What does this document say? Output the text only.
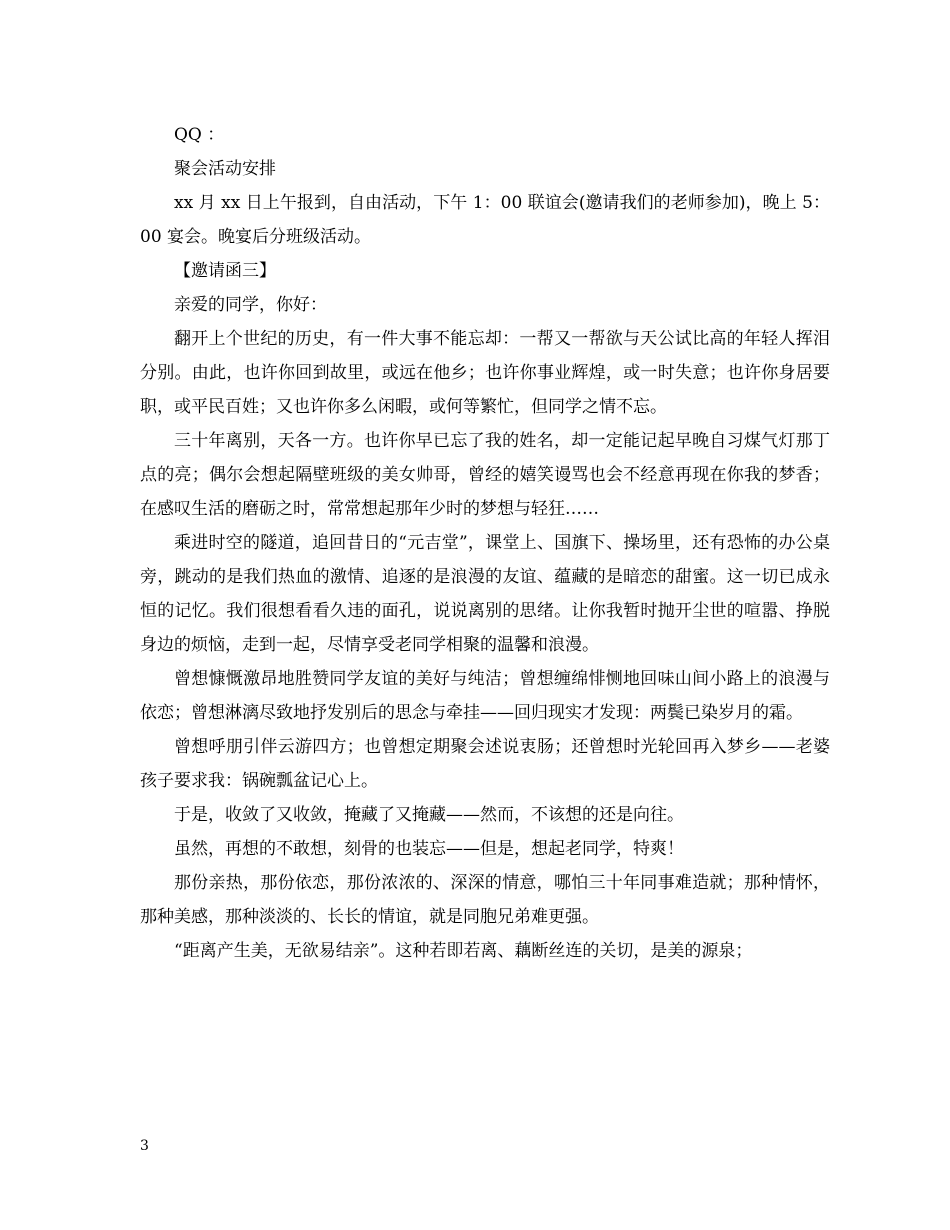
QQ ：

聚会活动安排

xx 月 xx 日上午报到，自由活动，下午 1：00 联谊会(邀请我们的老师参加)，晚上 5：00 宴会。晚宴后分班级活动。

【邀请函三】

亲爱的同学，你好：

翻开上个世纪的历史，有一件大事不能忘却：一帮又一帮欲与天公试比高的年轻人挥泪分别。由此，也许你回到故里，或远在他乡；也许你事业辉煌，或一时失意；也许你身居要职，或平民百姓；又也许你多么闲暇，或何等繁忙，但同学之情不忘。

三十年离别，天各一方。也许你早已忘了我的姓名，却一定能记起早晚自习煤气灯那丁点的亮；偶尔会想起隔壁班级的美女帅哥，曾经的嬉笑谩骂也会不经意再现在你我的梦香；在感叹生活的磨砺之时，常常想起那年少时的梦想与轻狂……

乘进时空的隧道，追回昔日的“元吉堂”，课堂上、国旗下、操场里，还有恐怖的办公桌旁，跳动的是我们热血的激情、追逐的是浪漫的友谊、蕴藏的是暗恋的甜蜜。这一切已成永恒的记忆。我们很想看看久违的面孔，说说离别的思绪。让你我暂时抛开尘世的喧嚣、挣脱身边的烦恼，走到一起，尽情享受老同学相聚的温馨和浪漫。

曾想慷慨激昂地胜赞同学友谊的美好与纯洁；曾想缠绵悱恻地回味山间小路上的浪漫与依恋；曾想淋漓尽致地抒发别后的思念与牵挂——回归现实才发现：两鬓已染岁月的霜。

曾想呼朋引伴云游四方；也曾想定期聚会述说衷肠；还曾想时光轮回再入梦乡——老婆孩子要求我：锅碗瓢盆记心上。

于是，收敛了又收敛，掩藏了又掩藏——然而，不该想的还是向往。

虽然，再想的不敢想，刻骨的也装忘——但是，想起老同学，特爽！

那份亲热，那份依恋，那份浓浓的、深深的情意，哪怕三十年同事难造就；那种情怀，那种美感，那种淡淡的、长长的情谊，就是同胞兄弟难更强。

“距离产生美，无欲易结亲”。这种若即若离、藕断丝连的关切，是美的源泉；

3
